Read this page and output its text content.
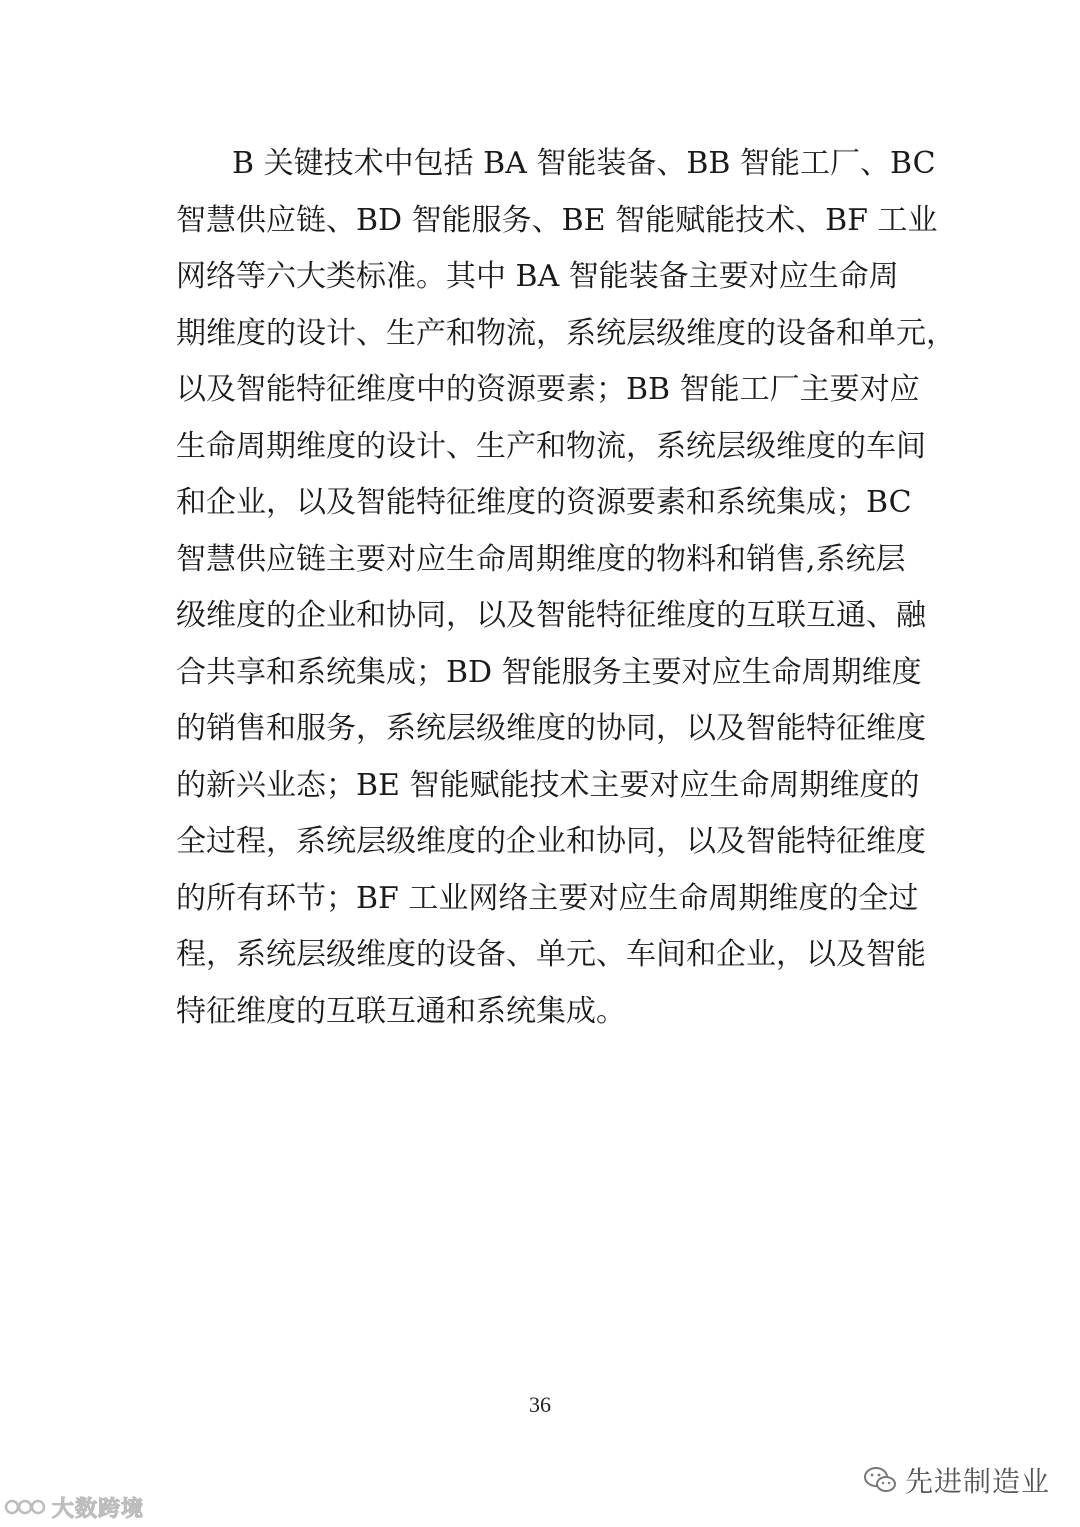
B 关键技术中包括 BA 智能装备、BB 智能工厂、BC
智慧供应链、BD 智能服务、BE 智能赋能技术、BF 工业
网络等六大类标准。其中 BA 智能装备主要对应生命周
期维度的设计、生产和物流，系统层级维度的设备和单元，
以及智能特征维度中的资源要素；BB 智能工厂主要对应
生命周期维度的设计、生产和物流，系统层级维度的车间
和企业，以及智能特征维度的资源要素和系统集成；BC
智慧供应链主要对应生命周期维度的物料和销售,系统层
级维度的企业和协同，以及智能特征维度的互联互通、融
合共享和系统集成；BD 智能服务主要对应生命周期维度
的销售和服务，系统层级维度的协同，以及智能特征维度
的新兴业态；BE 智能赋能技术主要对应生命周期维度的
全过程，系统层级维度的企业和协同，以及智能特征维度
的所有环节；BF 工业网络主要对应生命周期维度的全过
程，系统层级维度的设备、单元、车间和企业，以及智能
特征维度的互联互通和系统集成。
36
大数跨境
先进制造业
